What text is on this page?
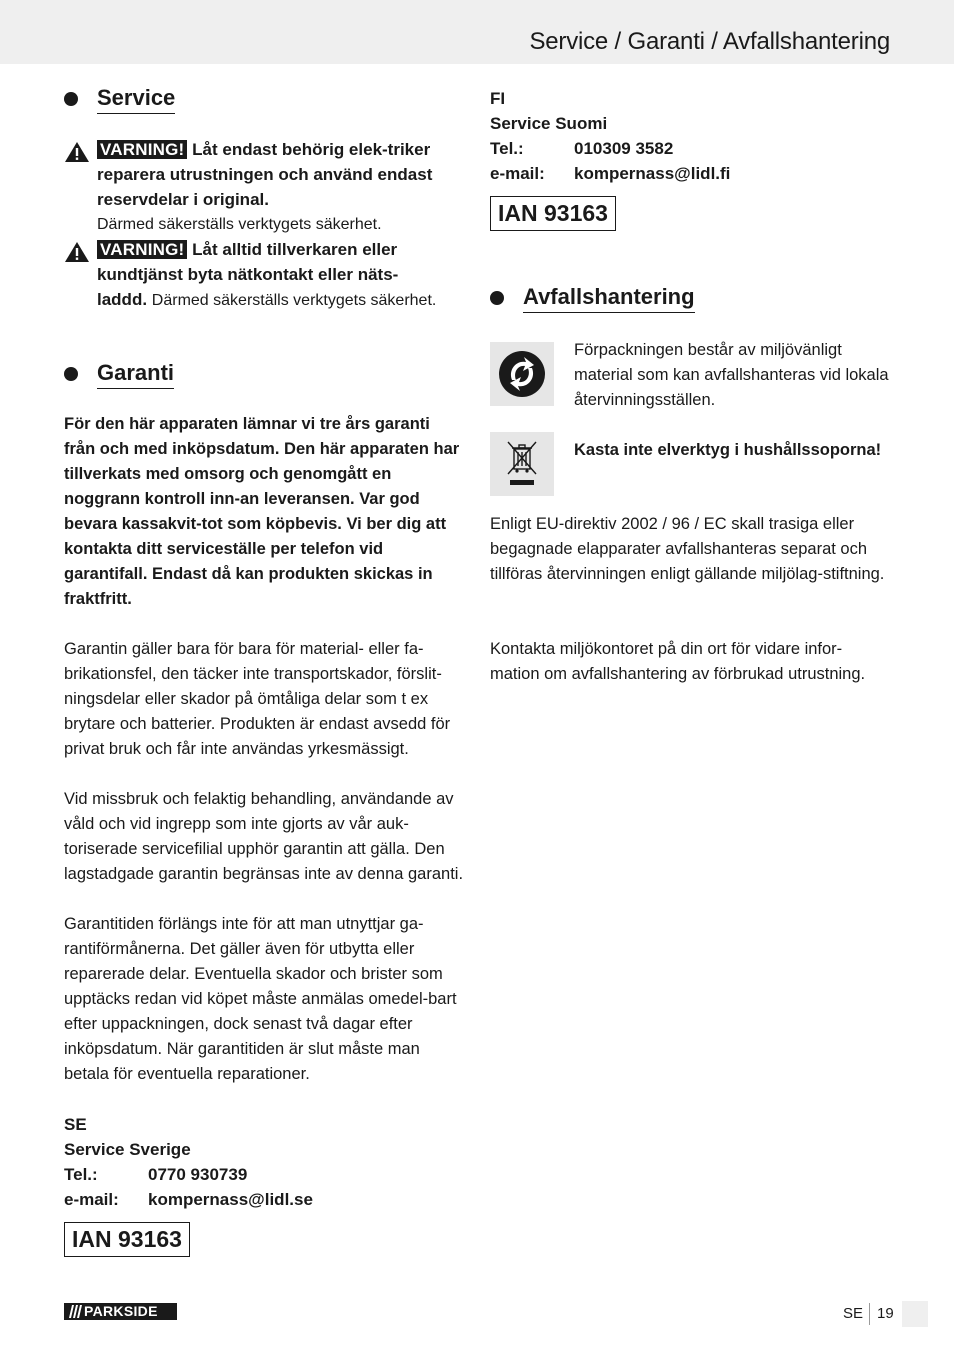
Service / Garanti / Avfallshantering
Service
VARNING! Låt endast behörig elek-triker reparera utrustningen och använd endast reservdelar i original.
Därmed säkerställs verktygets säkerhet.
VARNING! Låt alltid tillverkaren eller
kundtjänst byta nätkontakt eller näts-
laddd. Därmed säkerställs verktygets säkerhet.
Garanti
För den här apparaten lämnar vi tre års garanti från och med inköpsdatum. Den här apparaten har tillverkats med omsorg och genomgått en noggrann kontroll inn-an leveransen. Var god bevara kassakvit-tot som köpbevis. Vi ber dig att kontakta ditt serviceställe per telefon vid garantifall. Endast då kan produkten skickas in fraktfritt.
Garantin gäller bara för bara för material- eller fa-brikationsfel, den täcker inte transportskador, förslit-ningsdelar eller skador på ömtåliga delar som t ex brytare och batterier. Produkten är endast avsedd för privat bruk och får inte användas yrkesmässigt.
Vid missbruk och felaktig behandling, användande av våld och vid ingrepp som inte gjorts av vår auk-toriserade servicefilial upphör garantin att gälla. Den lagstadgade garantin begränsas inte av denna garanti.
Garantitiden förlängs inte för att man utnyttjar ga-rantiförmånerna. Det gäller även för utbytta eller reparerade delar. Eventuella skador och brister som upptäcks redan vid köpet måste anmälas omedel-bart efter uppackningen, dock senast två dagar efter inköpsdatum. När garantitiden är slut måste man betala för eventuella reparationer.
SE
Service Sverige
Tel.:	0770 930739
e-mail:	kompernass@lidl.se
IAN 93163
FI
Service Suomi
Tel.:	010309 3582
e-mail:	kompernass@lidl.fi
IAN 93163
Avfallshantering
Förpackningen består av miljövänligt material som kan avfallshanteras vid lokala återvinningsställen.
Kasta inte elverktyg i hushållssoporna!
Enligt EU-direktiv 2002 / 96 / EC skall trasiga eller begagnade elapparater avfallshanteras separat och tillföras återvinningen enligt gällande miljölag-stiftning.
Kontakta miljökontoret på din ort för vidare infor-mation om avfallshantering av förbrukad utrustning.
PARKSIDE	SE 19
